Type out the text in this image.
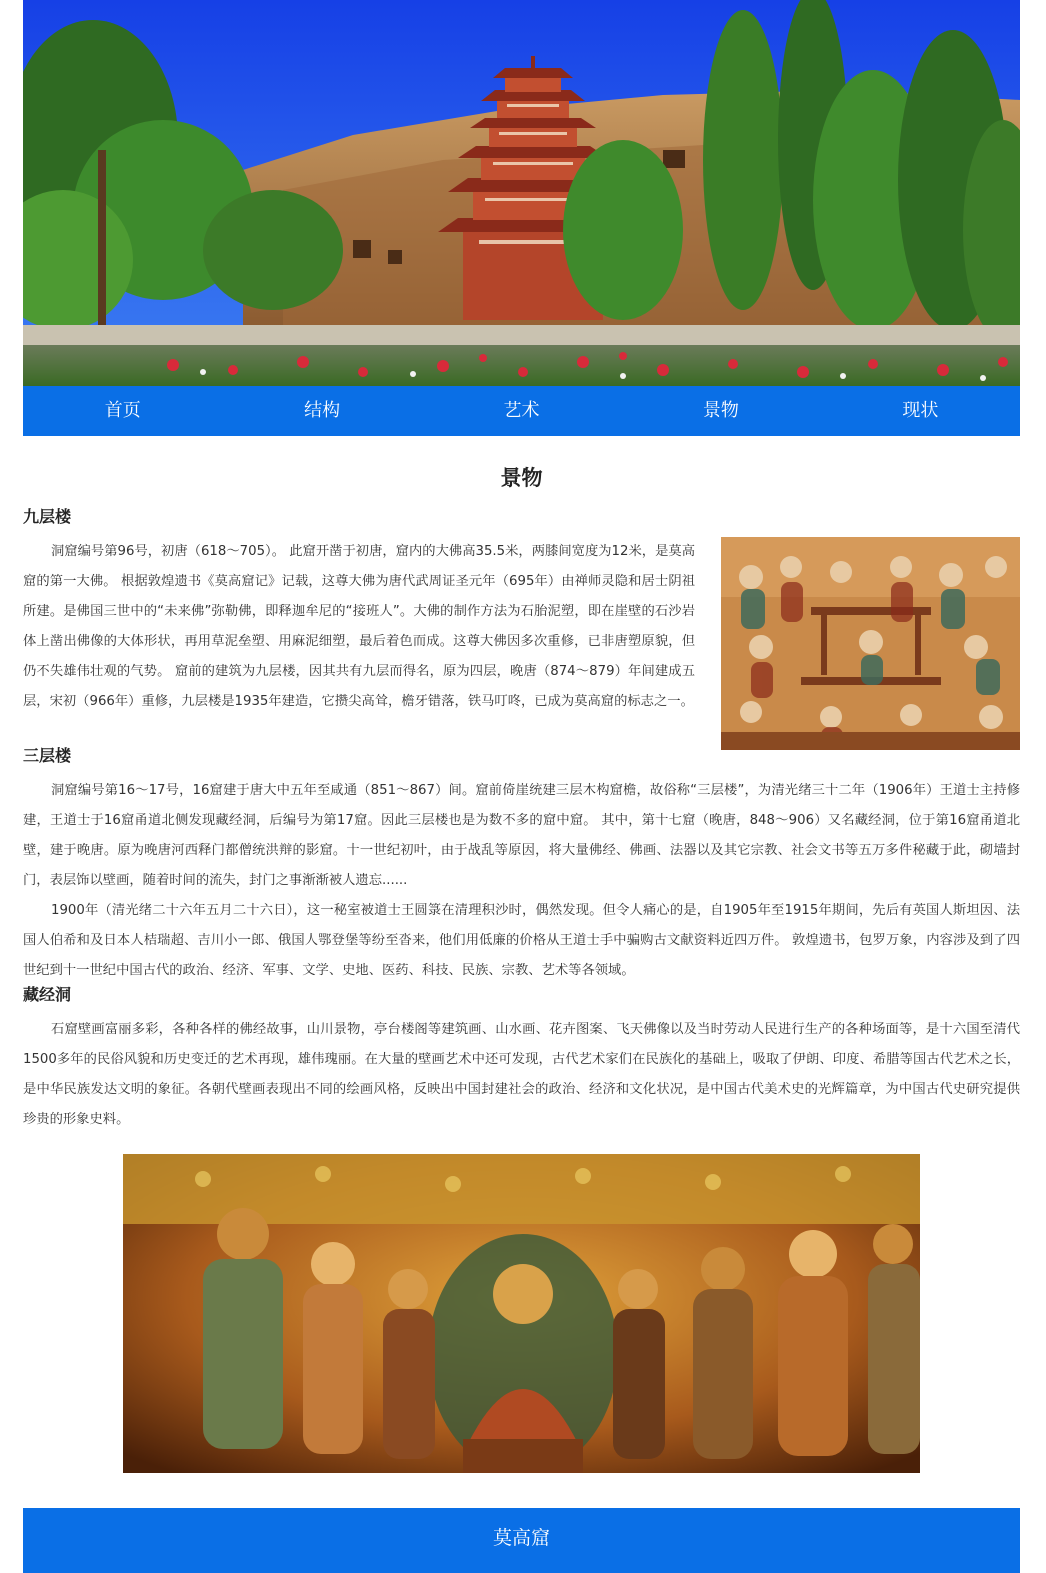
首页	结构	艺术	景物	现状
景物
九层楼

洞窟编号第96号，初唐（618～705）。 此窟开凿于初唐，窟内的大佛高35.5米，两膝间宽度为12米，是莫高窟的第一大佛。 根据敦煌遗书《莫高窟记》记载，这尊大佛为唐代武周证圣元年（695年）由禅师灵隐和居士阴祖所建。是佛国三世中的“未来佛”弥勒佛，即释迦牟尼的“接班人”。大佛的制作方法为石胎泥塑，即在崖壁的石沙岩体上凿出佛像的大体形状，再用草泥垒塑、用麻泥细塑，最后着色而成。这尊大佛因多次重修，已非唐塑原貌，但仍不失雄伟壮观的气势。 窟前的建筑为九层楼，因其共有九层而得名，原为四层，晚唐（874～879）年间建成五层，宋初（966年）重修，九层楼是1935年建造，它攒尖高耸，檐牙错落，铁马叮咚，已成为莫高窟的标志之一。

三层楼

洞窟编号第16～17号，16窟建于唐大中五年至咸通（851～867）间。窟前倚崖统建三层木构窟檐，故俗称“三层楼”，为清光绪三十二年（1906年）王道士主持修建，王道士于16窟甬道北侧发现藏经洞，后编号为第17窟。因此三层楼也是为数不多的窟中窟。 其中，第十七窟（晚唐，848～906）又名藏经洞，位于第16窟甬道北壁，建于晚唐。原为晚唐河西释门都僧统洪辩的影窟。十一世纪初叶，由于战乱等原因，将大量佛经、佛画、法器以及其它宗教、社会文书等五万多件秘藏于此，砌墙封门，表层饰以壁画，随着时间的流失，封门之事渐渐被人遗忘......

1900年（清光绪二十六年五月二十六日），这一秘室被道士王圆箓在清理积沙时，偶然发现。但令人痛心的是，自1905年至1915年期间，先后有英国人斯坦因、法国人伯希和及日本人桔瑞超、吉川小一郎、俄国人鄂登堡等纷至沓来，他们用低廉的价格从王道士手中骗购古文献资料近四万件。 敦煌遗书，包罗万象，内容涉及到了四世纪到十一世纪中国古代的政治、经济、军事、文学、史地、医药、科技、民族、宗教、艺术等各领域。

藏经洞

石窟壁画富丽多彩，各种各样的佛经故事，山川景物，亭台楼阁等建筑画、山水画、花卉图案、飞天佛像以及当时劳动人民进行生产的各种场面等，是十六国至清代1500多年的民俗风貌和历史变迁的艺术再现，雄伟瑰丽。在大量的壁画艺术中还可发现，古代艺术家们在民族化的基础上，吸取了伊朗、印度、希腊等国古代艺术之长，是中华民族发达文明的象征。各朝代壁画表现出不同的绘画风格，反映出中国封建社会的政治、经济和文化状况，是中国古代美术史的光辉篇章，为中国古代史研究提供珍贵的形象史料。

莫高窟
